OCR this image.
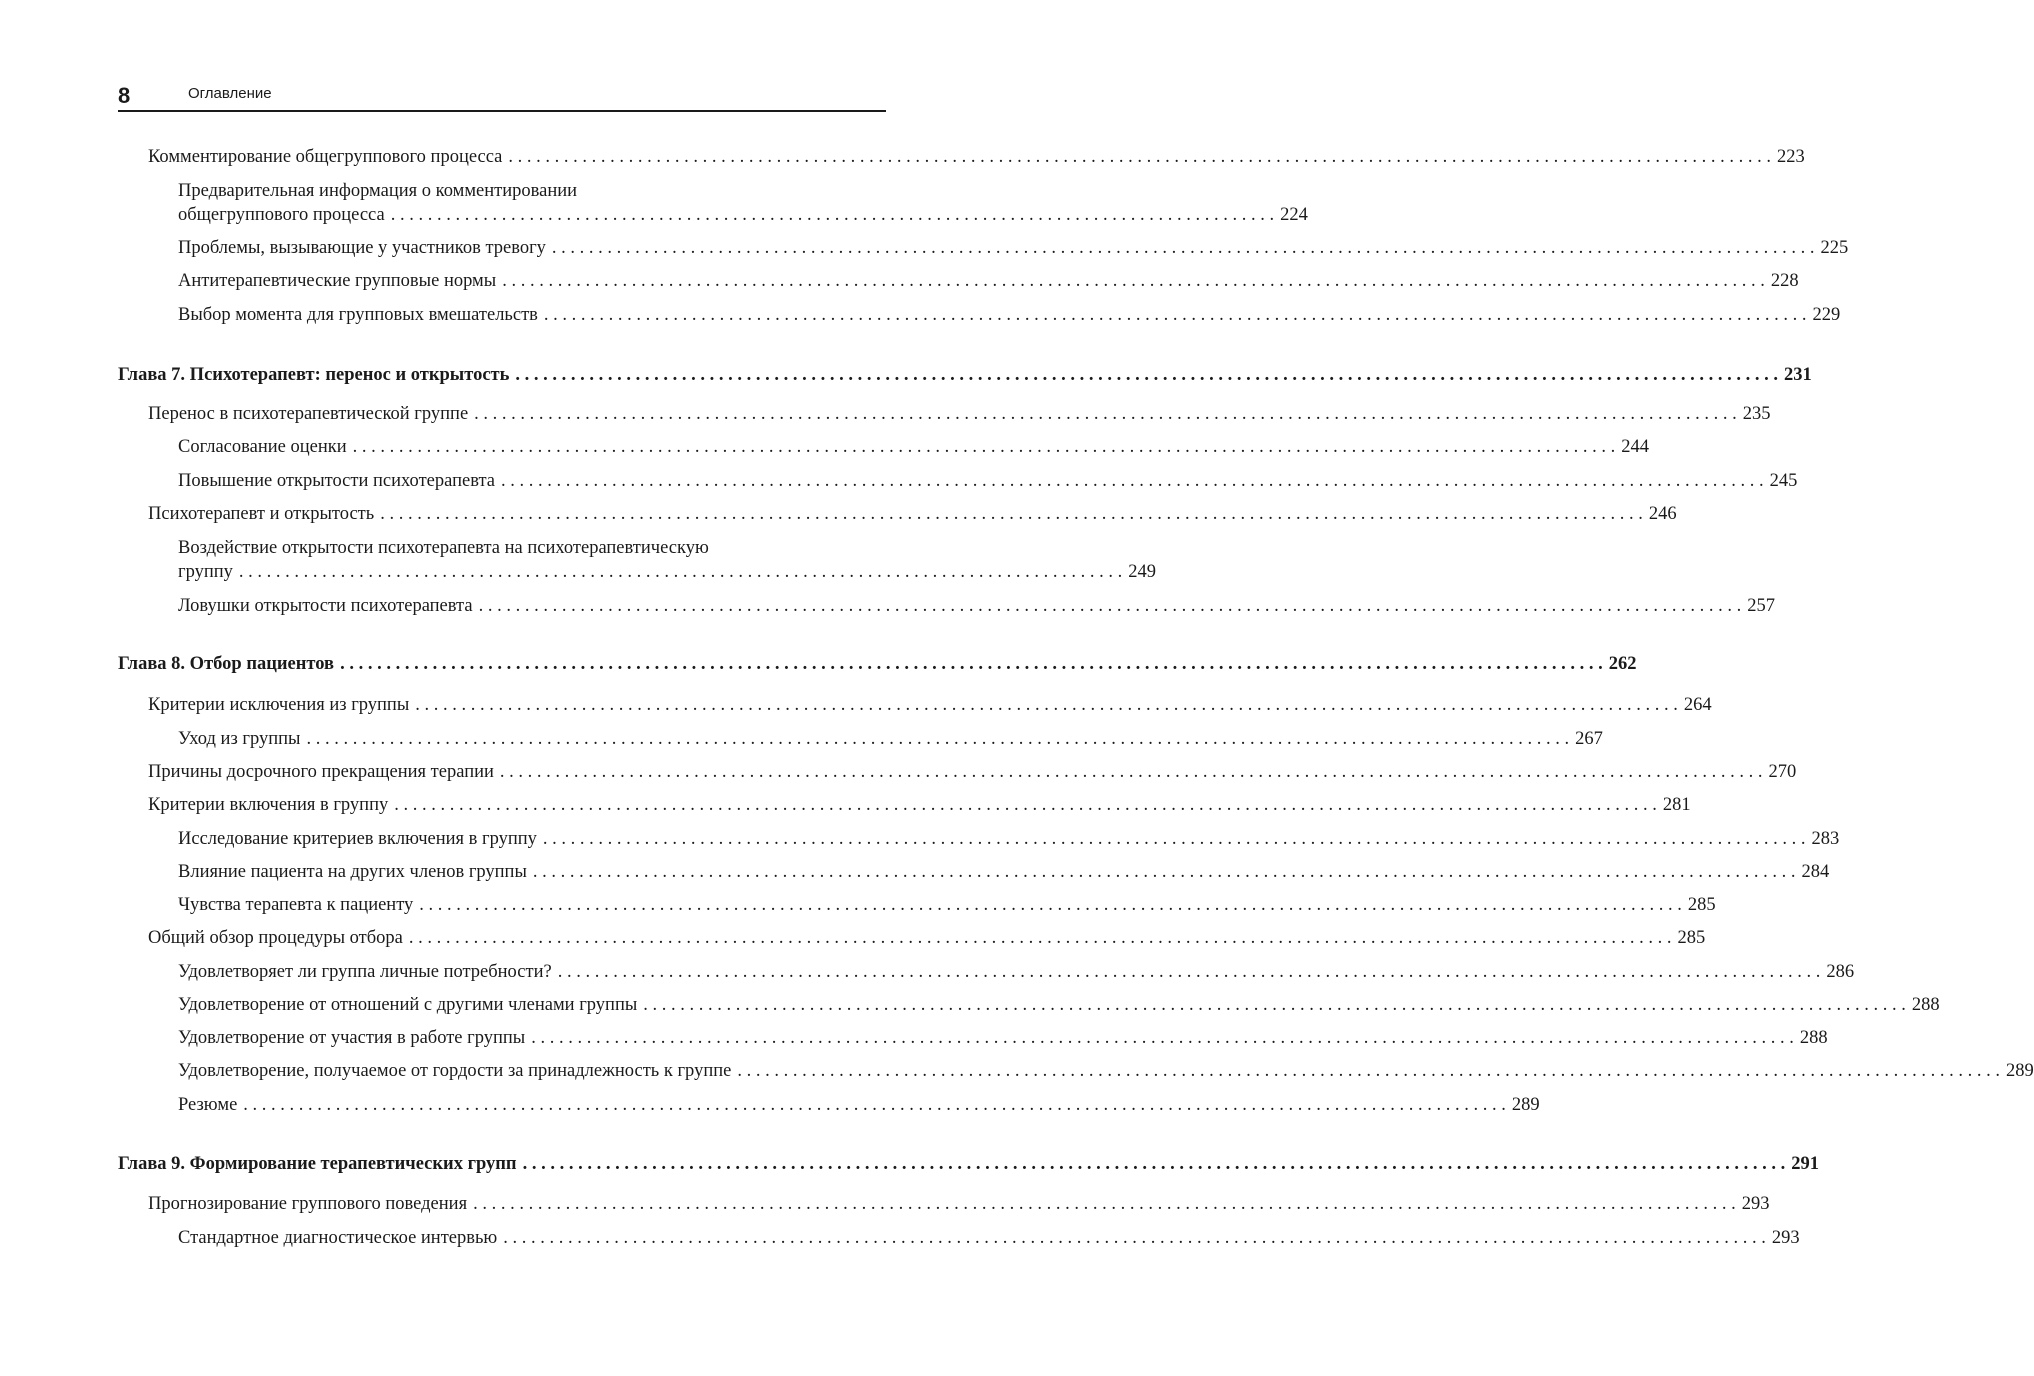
8	Оглавление
Комментирование общегруппового процесса . . .	223
Предварительная информация о комментировании
общегруппового процесса . . . . . . . . . . . . . . . . . . . . . . . . . . . . . . . . . . . . . . . . . . . . . . . . . . . . . . . . . . . . . . . . . . . . . . . . . . . . . . . . . . . . . . . . . . . . . . . . 224
Проблемы, вызывающие у участников тревогу . . .	225
Антитерапевтические групповые нормы . . .	228
Выбор момента для групповых вмешательств . . .	229
Глава 7. Психотерапевт: перенос и открытость . . .	231
Перенос в психотерапевтической группе . . .	235
Согласование оценки . . .	244
Повышение открытости психотерапевта . . .	245
Психотерапевт и открытость . . .	246
Воздействие открытости психотерапевта на психотерапевтическую
группу . . . . . . . . . . . . . . . . . . . . . . . . . . . . . . . . . . . . . . . . . . . . . . . . . . . . . . . . . . . . . . . . . . . . . . . . . . . . . . . . . . . . . . . . . . . . . . . . 249
Ловушки открытости психотерапевта . . .	257
Глава 8. Отбор пациентов . . .	262
Критерии исключения из группы . . .	264
Уход из группы . . .	267
Причины досрочного прекращения терапии . . .	270
Критерии включения в группу . . .	281
Исследование критериев включения в группу . . .	283
Влияние пациента на других членов группы . . .	284
Чувства терапевта к пациенту . . .	285
Общий обзор процедуры отбора . . .	285
Удовлетворяет ли группа личные потребности? . . .	286
Удовлетворение от отношений с другими членами группы . . .	288
Удовлетворение от участия в работе группы . . .	288
Удовлетворение, получаемое от гордости за принадлежность к группе . . .	289
Резюме . . .	289
Глава 9. Формирование терапевтических групп . . .	291
Прогнозирование группового поведения . . .	293
Стандартное диагностическое интервью . . .	293
